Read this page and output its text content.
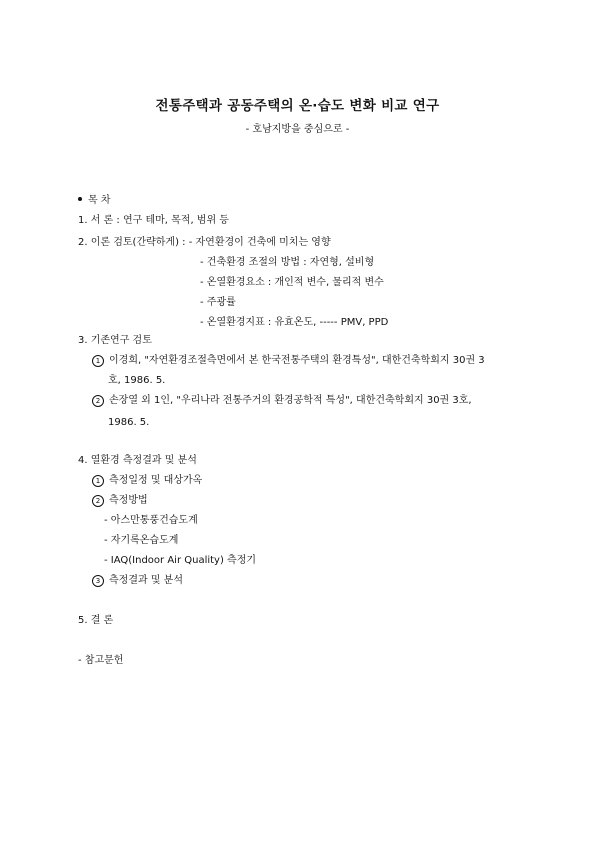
전통주택과 공동주택의 온·습도 변화 비교 연구
- 호남지방을 중심으로 -
목 차
1. 서 론 : 연구 테마, 목적, 범위 등
2. 이론 검토(간략하게) : - 자연환경이 건축에 미치는 영향
- 건축환경 조절의 방법 : 자연형, 설비형
- 온열환경요소 : 개인적 변수, 물리적 변수
- 주광률
- 온열환경지표 : 유효온도, ----- PMV, PPD
3. 기존연구 검토
1 이경희, "자연환경조절측면에서 본 한국전통주택의 환경특성", 대한건축학회지 30권 3
호, 1986. 5.
2 손장열 외 1인, "우리나라 전통주거의 환경공학적 특성", 대한건축학회지 30권 3호,
1986. 5.
4. 열환경 측정결과 및 분석
1 측정일정 및 대상가옥
2 측정방법
- 아스만통풍건습도계
- 자기록온습도계
- IAQ(Indoor Air Quality) 측정기
3 측정결과 및 분석
5. 결 론
- 참고문헌
